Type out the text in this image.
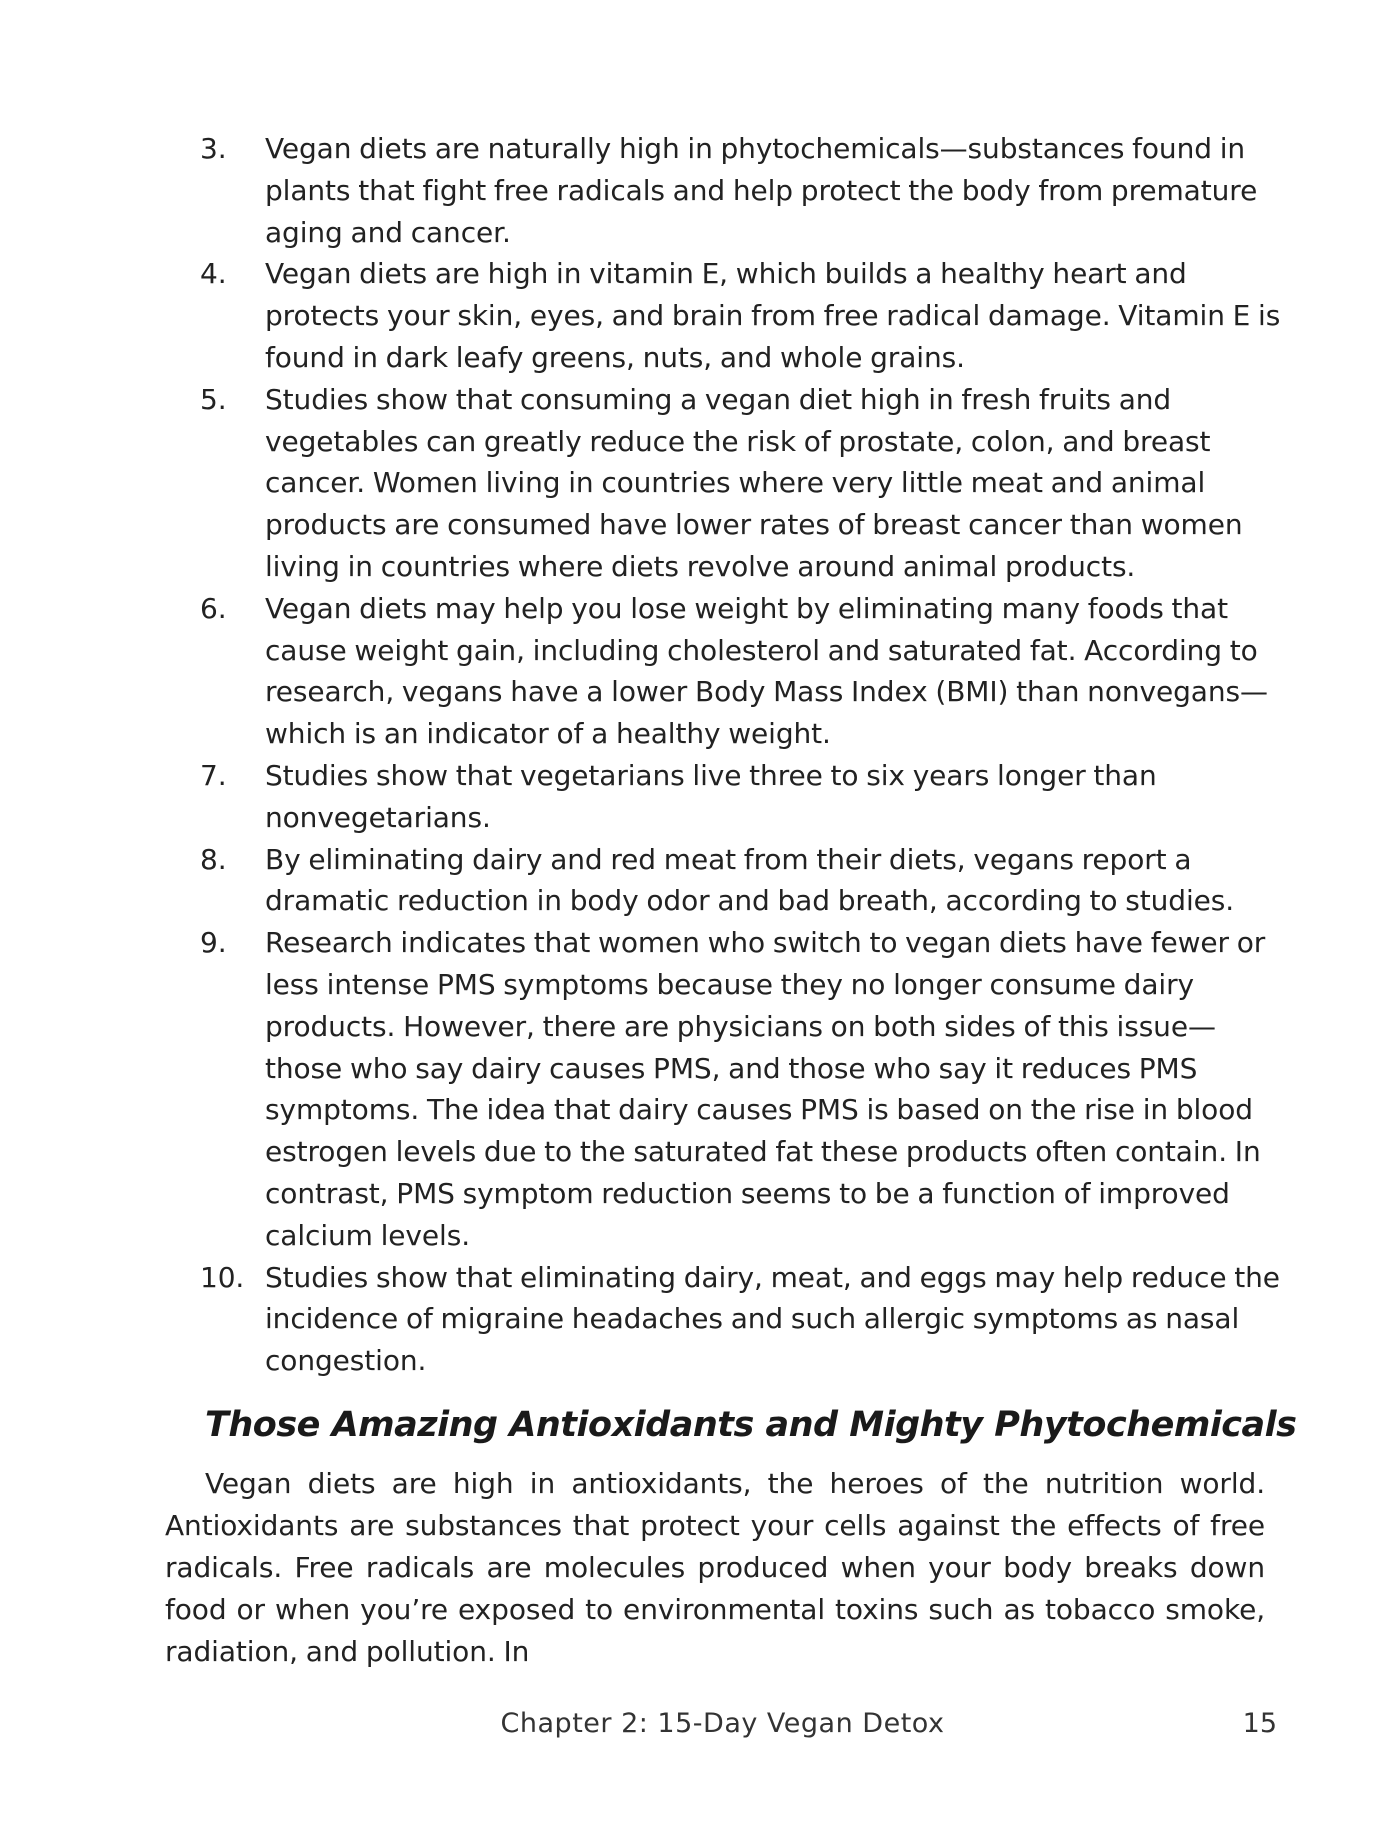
3.	Vegan diets are naturally high in phytochemicals—substances found in plants that fight free radicals and help protect the body from premature aging and cancer.
4.	Vegan diets are high in vitamin E, which builds a healthy heart and protects your skin, eyes, and brain from free radical damage. Vitamin E is found in dark leafy greens, nuts, and whole grains.
5.	Studies show that consuming a vegan diet high in fresh fruits and vegetables can greatly reduce the risk of prostate, colon, and breast cancer. Women living in countries where very little meat and animal products are consumed have lower rates of breast cancer than women living in countries where diets revolve around animal products.
6.	Vegan diets may help you lose weight by eliminating many foods that cause weight gain, including cholesterol and saturated fat. According to research, vegans have a lower Body Mass Index (BMI) than nonvegans—which is an indicator of a healthy weight.
7.	Studies show that vegetarians live three to six years longer than nonvegetarians.
8.	By eliminating dairy and red meat from their diets, vegans report a dramatic reduction in body odor and bad breath, according to studies.
9.	Research indicates that women who switch to vegan diets have fewer or less intense PMS symptoms because they no longer consume dairy products. However, there are physicians on both sides of this issue—those who say dairy causes PMS, and those who say it reduces PMS symptoms. The idea that dairy causes PMS is based on the rise in blood estrogen levels due to the saturated fat these products often contain. In contrast, PMS symptom reduction seems to be a function of improved calcium levels.
10. Studies show that eliminating dairy, meat, and eggs may help reduce the incidence of migraine headaches and such allergic symptoms as nasal congestion.
Those Amazing Antioxidants and Mighty Phytochemicals

Vegan diets are high in antioxidants, the heroes of the nutrition world. Antioxidants are substances that protect your cells against the effects of free radicals. Free radicals are molecules produced when your body breaks down food or when you’re exposed to environmental toxins such as tobacco smoke, radiation, and pollution. In

Chapter 2: 15-Day Vegan Detox	15
